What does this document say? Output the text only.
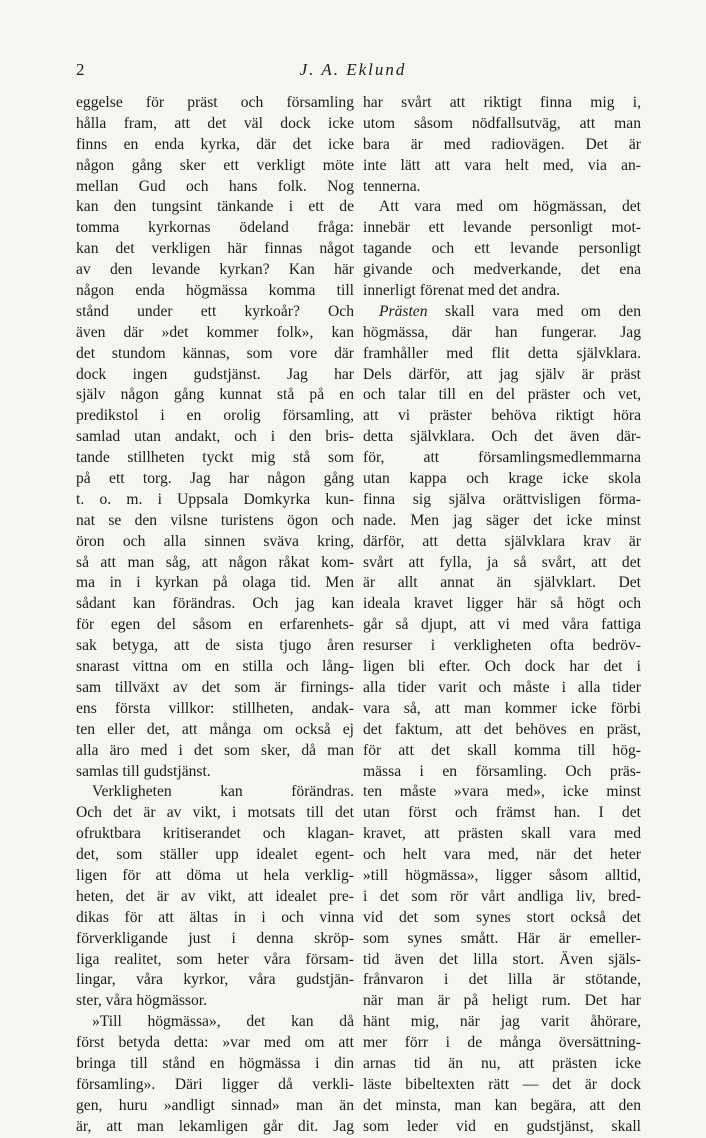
2	J. A. Eklund
eggelse för präst och församling
hålla fram, att det väl dock icke
finns en enda kyrka, där det icke
någon gång sker ett verkligt möte
mellan Gud och hans folk. Nog
kan den tungsint tänkande i ett de
tomma kyrkornas ödeland fråga:
kan det verkligen här finnas något
av den levande kyrkan? Kan här
någon enda högmässa komma till
stånd under ett kyrkoår? Och
även där »det kommer folk», kan
det stundom kännas, som vore där
dock ingen gudstjänst. Jag har
själv någon gång kunnat stå på en
predikstol i en orolig församling,
samlad utan andakt, och i den bris-
tande stillheten tyckt mig stå som
på ett torg. Jag har någon gång
t. o. m. i Uppsala Domkyrka kun-
nat se den vilsne turistens ögon och
öron och alla sinnen sväva kring,
så att man såg, att någon råkat kom-
ma in i kyrkan på olaga tid. Men
sådant kan förändras. Och jag kan
för egen del såsom en erfarenhets-
sak betyga, att de sista tjugo åren
snarast vittna om en stilla och lång-
sam tillväxt av det som är firnings-
ens första villkor: stillheten, andak-
ten eller det, att många om också ej
alla äro med i det som sker, då man
samlas till gudstjänst.
Verkligheten kan förändras.
Och det är av vikt, i motsats till det
ofruktbara kritiserandet och klagan-
det, som ställer upp idealet egent-
ligen för att döma ut hela verklig-
heten, det är av vikt, att idealet pre-
dikas för att ältas in i och vinna
förverkligande just i denna skröp-
liga realitet, som heter våra försam-
lingar, våra kyrkor, våra gudstjän-
ster, våra högmässor.
»Till högmässa», det kan då
först betyda detta: »var med om att
bringa till stånd en högmässa i din
församling». Däri ligger då verkli-
gen, huru »andligt sinnad» man än
är, att man lekamligen går dit. Jag
har svårt att riktigt finna mig i,
utom såsom nödfallsutväg, att man
bara är med radiovägen. Det är
inte lätt att vara helt med, via an-
tennerna.
Att vara med om högmässan, det
innebär ett levande personligt mot-
tagande och ett levande personligt
givande och medverkande, det ena
innerligt förenat med det andra.
Prästen skall vara med om den
högmässa, där han fungerar. Jag
framhåller med flit detta självklara.
Dels därför, att jag själv är präst
och talar till en del präster och vet,
att vi präster behöva riktigt höra
detta självklara. Och det även där-
för, att församlingsmedlemmarna
utan kappa och krage icke skola
finna sig själva orättvisligen förma-
nade. Men jag säger det icke minst
därför, att detta självklara krav är
svårt att fylla, ja så svårt, att det
är allt annat än självklart. Det
ideala kravet ligger här så högt och
går så djupt, att vi med våra fattiga
resurser i verkligheten ofta bedröv-
ligen bli efter. Och dock har det i
alla tider varit och måste i alla tider
vara så, att man kommer icke förbi
det faktum, att det behöves en präst,
för att det skall komma till hög-
mässa i en församling. Och präs-
ten måste »vara med», icke minst
utan först och främst han. I det
kravet, att prästen skall vara med
och helt vara med, när det heter
»till högmässa», ligger såsom alltid,
i det som rör vårt andliga liv, bred-
vid det som synes stort också det
som synes smått. Här är emeller-
tid även det lilla stort. Även själs-
frånvaron i det lilla är stötande,
när man är på heligt rum. Det har
hänt mig, när jag varit åhörare,
mer förr i de många översättning-
arnas tid än nu, att prästen icke
läste bibeltexten rätt — det är dock
det minsta, man kan begära, att den
som leder vid en gudstjänst, skall
